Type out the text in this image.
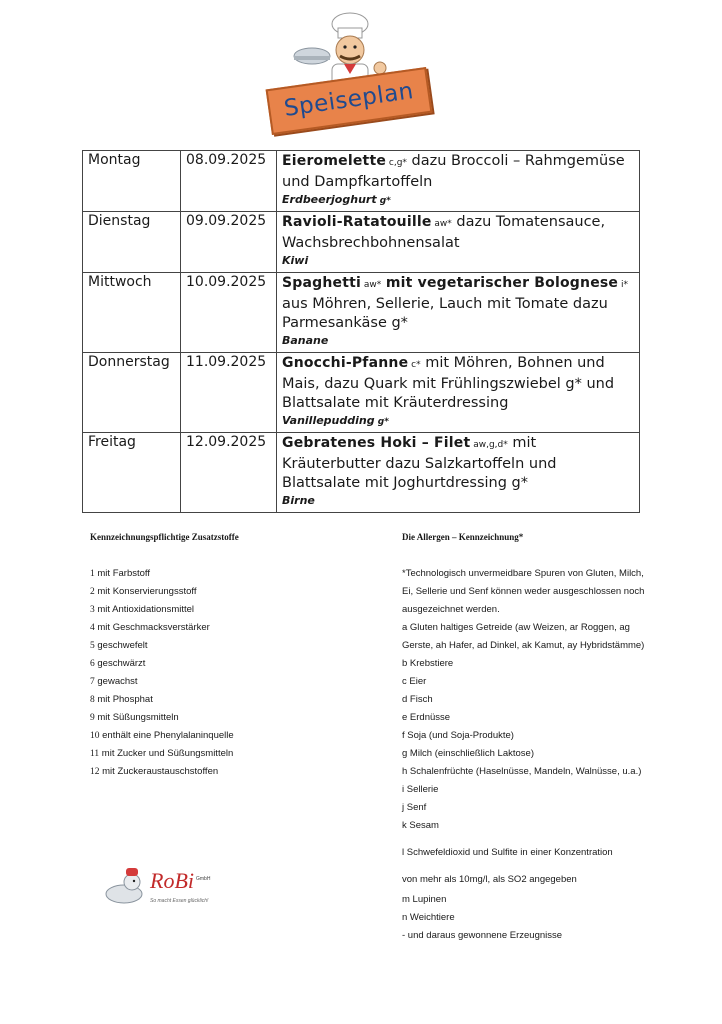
Speiseplan
Montag	08.09.2025	Eieromelette c,g* dazu Broccoli – Rahmgemüse und Dampfkartoffeln
Erdbeerjoghurt g*

Dienstag	09.09.2025	Ravioli-Ratatouille aw* dazu Tomatensauce, Wachsbrechbohnensalat
Kiwi

Mittwoch	10.09.2025	Spaghetti aw* mit vegetarischer Bolognese i* aus Möhren, Sellerie, Lauch mit Tomate dazu Parmesankäse g*
Banane

Donnerstag	11.09.2025	Gnocchi-Pfanne c* mit Möhren, Bohnen und Mais, dazu Quark mit Frühlingszwiebel g* und Blattsalate mit Kräuterdressing
Vanillepudding g*

Freitag	12.09.2025	Gebratenes Hoki – Filet aw,g,d* mit Kräuterbutter dazu Salzkartoffeln und Blattsalate mit Joghurtdressing g*
Birne
Kennzeichnungspflichtige Zusatzstoffe
1 mit Farbstoff
2 mit Konservierungsstoff
3 mit Antioxidationsmittel
4 mit Geschmacksverstärker
5 geschwefelt
6 geschwärzt
7 gewachst
8 mit Phosphat
9 mit Süßungsmitteln
10 enthält eine Phenylalaninquelle
11 mit Zucker und Süßungsmitteln
12 mit Zuckeraustauschstoffen
Die Allergen – Kennzeichnung*
*Technologisch unvermeidbare Spuren von Gluten, Milch,
Ei, Sellerie und Senf können weder ausgeschlossen noch
ausgezeichnet werden.
a Gluten haltiges Getreide (aw Weizen, ar Roggen, ag
Gerste, ah Hafer, ad Dinkel, ak Kamut, ay Hybridstämme)
b Krebstiere
c Eier
d Fisch
e Erdnüsse
f Soja (und Soja-Produkte)
g Milch (einschließlich Laktose)
h Schalenfrüchte (Haselnüsse, Mandeln, Walnüsse, u.a.)
i Sellerie
j Senf
k Sesam
l Schwefeldioxid und Sulfite in einer Konzentration
von mehr als 10mg/l, als SO2 angegeben
m Lupinen
n Weichtiere
- und daraus gewonnene Erzeugnisse
RoBi GmbH
So macht Essen glücklich!
